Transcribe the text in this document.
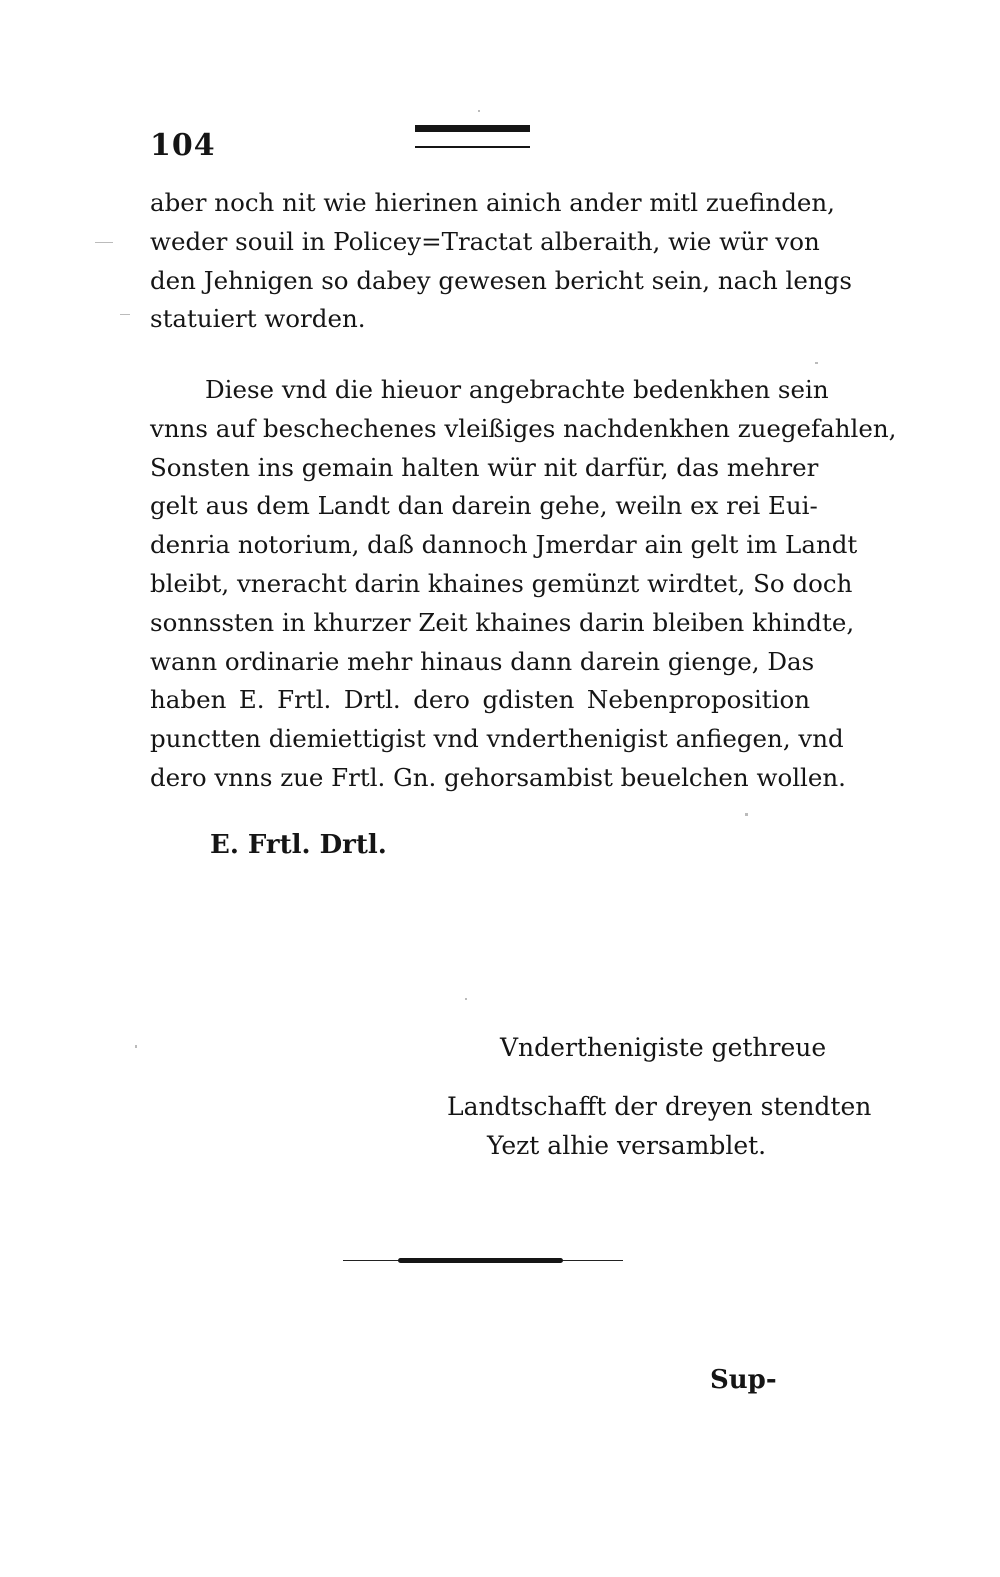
104

aber noch nit wie hierinen ainich ander mitl zuefinden,
weder souil in Policey=Tractat alberaith, wie wür von
den Jehnigen so dabey gewesen bericht sein, nach lengs
statuiert worden.

Diese vnd die hieuor angebrachte bedenkhen sein
vnns auf beschechenes vleißiges nachdenkhen zuegefahlen,
Sonsten ins gemain halten wür nit darfür, das mehrer
gelt aus dem Landt dan darein gehe, weiln ex rei Eui-
denria notorium, daß dannoch Jmerdar ain gelt im Landt
bleibt, vneracht darin khaines gemünzt wirdtet, So doch
sonnssten in khurzer Zeit khaines darin bleiben khindte,
wann ordinarie mehr hinaus dann darein gienge, Das
haben E. Frtl. Drtl. dero gdisten Nebenproposition
punctten diemiettigist vnd vnderthenigist anfiegen, vnd
dero vnns zue Frtl. Gn. gehorsambist beuelchen wollen.

E. Frtl. Drtl.
Vnderthenigiste gethreue
Landtschafft der dreyen stendten
Yezt alhie versamblet.
Sup-
